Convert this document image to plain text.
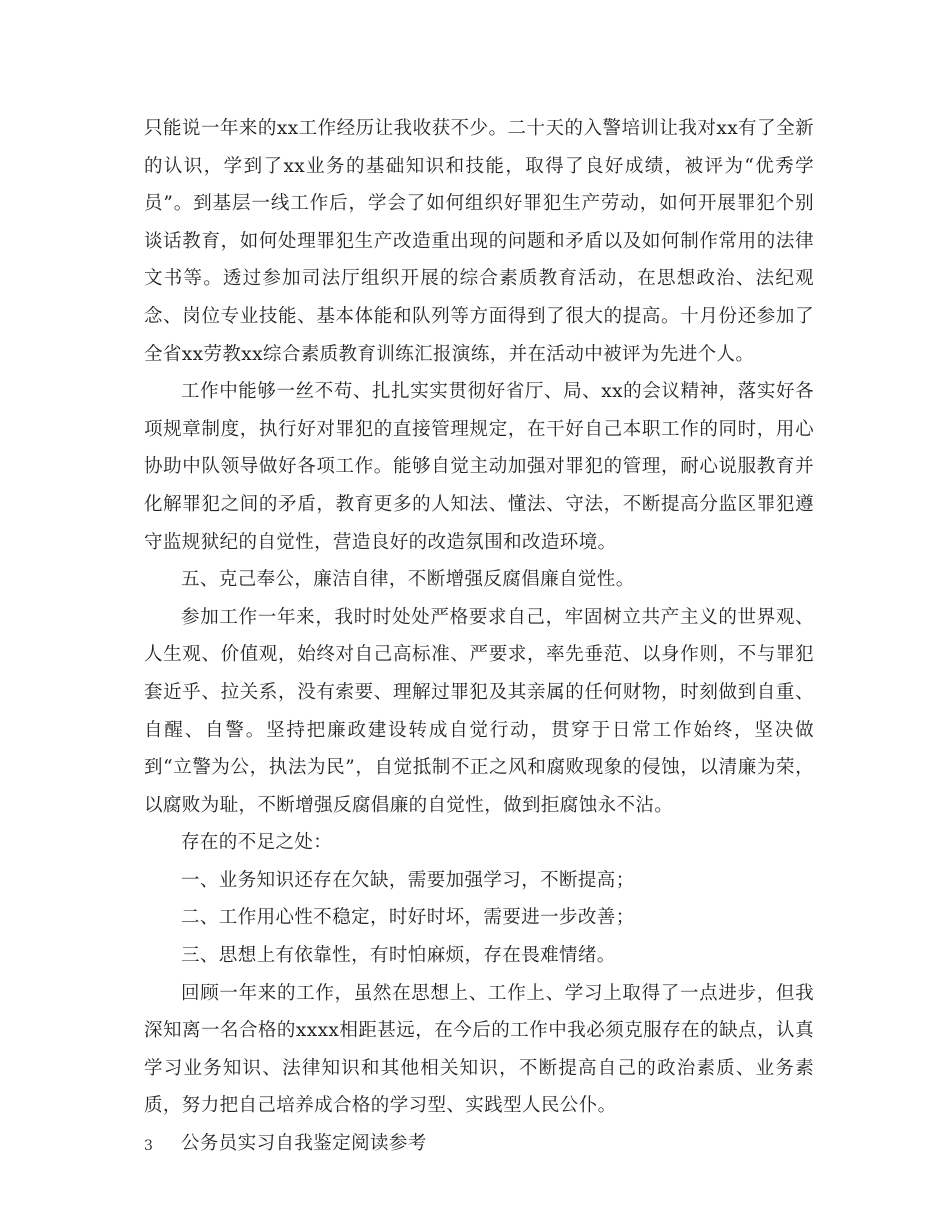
只能说一年来的xx工作经历让我收获不少。二十天的入警培训让我对xx有了全新的认识，学到了xx业务的基础知识和技能，取得了良好成绩，被评为“优秀学员”。到基层一线工作后，学会了如何组织好罪犯生产劳动，如何开展罪犯个别谈话教育，如何处理罪犯生产改造重出现的问题和矛盾以及如何制作常用的法律文书等。透过参加司法厅组织开展的综合素质教育活动，在思想政治、法纪观念、岗位专业技能、基本体能和队列等方面得到了很大的提高。十月份还参加了全省xx劳教xx综合素质教育训练汇报演练，并在活动中被评为先进个人。

工作中能够一丝不苟、扎扎实实贯彻好省厅、局、xx的会议精神，落实好各项规章制度，执行好对罪犯的直接管理规定，在干好自己本职工作的同时，用心协助中队领导做好各项工作。能够自觉主动加强对罪犯的管理，耐心说服教育并化解罪犯之间的矛盾，教育更多的人知法、懂法、守法，不断提高分监区罪犯遵守监规狱纪的自觉性，营造良好的改造氛围和改造环境。

五、克己奉公，廉洁自律，不断增强反腐倡廉自觉性。

参加工作一年来，我时时处处严格要求自己，牢固树立共产主义的世界观、人生观、价值观，始终对自己高标准、严要求，率先垂范、以身作则，不与罪犯套近乎、拉关系，没有索要、理解过罪犯及其亲属的任何财物，时刻做到自重、自醒、自警。坚持把廉政建设转成自觉行动，贯穿于日常工作始终，坚决做到“立警为公，执法为民”，自觉抵制不正之风和腐败现象的侵蚀，以清廉为荣，以腐败为耻，不断增强反腐倡廉的自觉性，做到拒腐蚀永不沾。

存在的不足之处：

一、业务知识还存在欠缺，需要加强学习，不断提高；

二、工作用心性不稳定，时好时坏，需要进一步改善；

三、思想上有依靠性，有时怕麻烦，存在畏难情绪。

回顾一年来的工作，虽然在思想上、工作上、学习上取得了一点进步，但我深知离一名合格的xxxx相距甚远，在今后的工作中我必须克服存在的缺点，认真学习业务知识、法律知识和其他相关知识，不断提高自己的政治素质、业务素质，努力把自己培养成合格的学习型、实践型人民公仆。

公务员实习自我鉴定阅读参考

3
